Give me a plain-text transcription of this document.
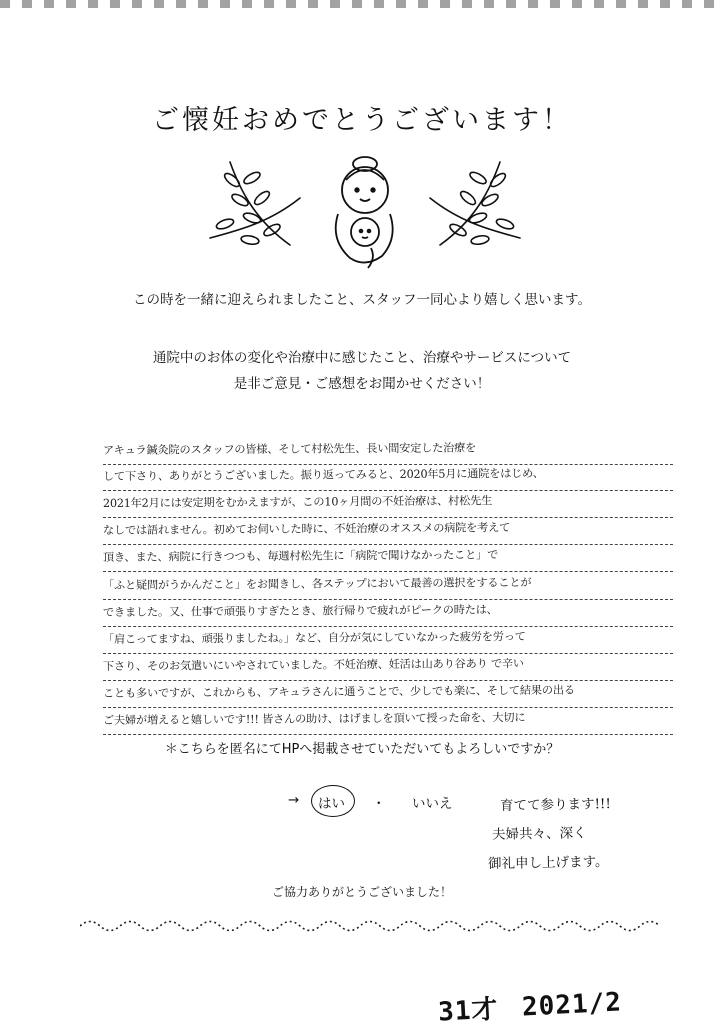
ご懐妊おめでとうございます！
この時を一緒に迎えられましたこと、スタッフ一同心より嬉しく思います。
通院中のお体の変化や治療中に感じたこと、治療やサービスについて
是非ご意見・ご感想をお聞かせください！
アキュラ鍼灸院のスタッフの皆様、そして村松先生、長い間安定した治療を
して下さり、ありがとうございました。振り返ってみると、2020年5月に通院をはじめ、
2021年2月には安定期をむかえますが、この10ヶ月間の不妊治療は、村松先生
なしでは語れません。初めてお伺いした時に、不妊治療のオススメの病院を考えて
頂き、また、病院に行きつつも、毎週村松先生に「病院で聞けなかったこと」で
「ふと疑問がうかんだこと」をお聞きし、各ステップにおいて最善の選択をすることが
できました。又、仕事で頑張りすぎたとき、旅行帰りで疲れがピークの時たは、
「肩こってますね、頑張りましたね。」など、自分が気にしていなかった疲労を労って
下さり、そのお気遣いにいやされていました。不妊治療、妊活は山あり谷あり で辛い
ことも多いですが、これからも、アキュラさんに通うことで、少しでも楽に、そして結果の出る
ご夫婦が増えると嬉しいです!!! 皆さんの助け、はげましを頂いて授った命を、大切に
＊こちらを匿名にてHPへ掲載させていただいてもよろしいですか？
→ はい ・ いいえ	育てて参ります!!!
夫婦共々、深く
御礼申し上げます。
ご協力ありがとうございました！
31才 2021/2
